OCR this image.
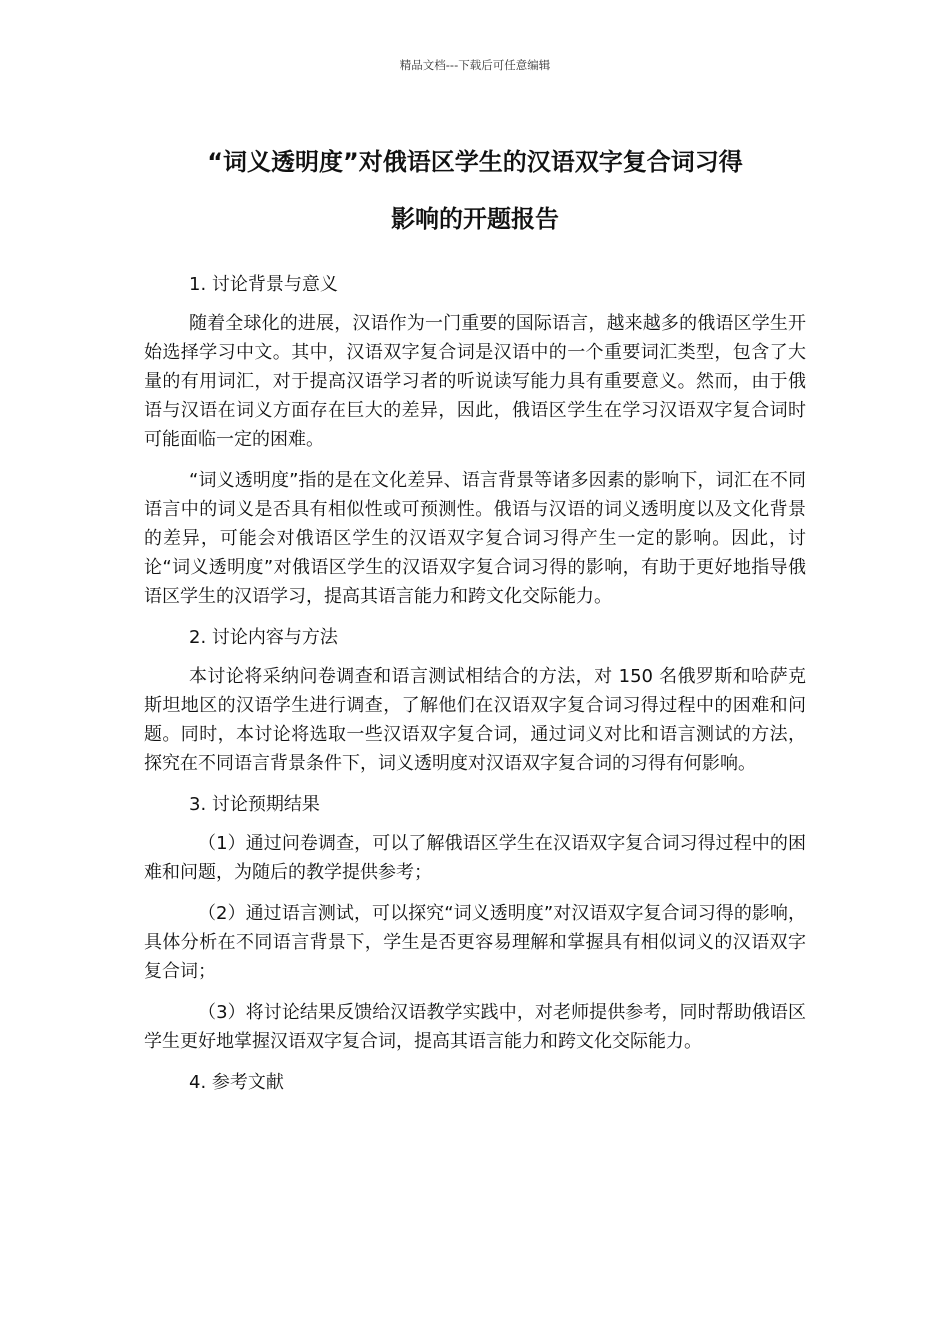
精品文档---下载后可任意编辑
“词义透明度”对俄语区学生的汉语双字复合词习得
影响的开题报告

1. 讨论背景与意义

随着全球化的进展，汉语作为一门重要的国际语言，越来越多的俄语区学生开始选择学习中文。其中，汉语双字复合词是汉语中的一个重要词汇类型，包含了大量的有用词汇，对于提高汉语学习者的听说读写能力具有重要意义。然而，由于俄语与汉语在词义方面存在巨大的差异，因此，俄语区学生在学习汉语双字复合词时可能面临一定的困难。

“词义透明度”指的是在文化差异、语言背景等诸多因素的影响下，词汇在不同语言中的词义是否具有相似性或可预测性。俄语与汉语的词义透明度以及文化背景的差异，可能会对俄语区学生的汉语双字复合词习得产生一定的影响。因此，讨论“词义透明度”对俄语区学生的汉语双字复合词习得的影响，有助于更好地指导俄语区学生的汉语学习，提高其语言能力和跨文化交际能力。

2. 讨论内容与方法

本讨论将采纳问卷调查和语言测试相结合的方法，对 150 名俄罗斯和哈萨克斯坦地区的汉语学生进行调查，了解他们在汉语双字复合词习得过程中的困难和问题。同时，本讨论将选取一些汉语双字复合词，通过词义对比和语言测试的方法，探究在不同语言背景条件下，词义透明度对汉语双字复合词的习得有何影响。

3. 讨论预期结果

（1）通过问卷调查，可以了解俄语区学生在汉语双字复合词习得过程中的困难和问题，为随后的教学提供参考；

（2）通过语言测试，可以探究“词义透明度”对汉语双字复合词习得的影响，具体分析在不同语言背景下，学生是否更容易理解和掌握具有相似词义的汉语双字复合词；

（3）将讨论结果反馈给汉语教学实践中，对老师提供参考，同时帮助俄语区学生更好地掌握汉语双字复合词，提高其语言能力和跨文化交际能力。

4. 参考文献
